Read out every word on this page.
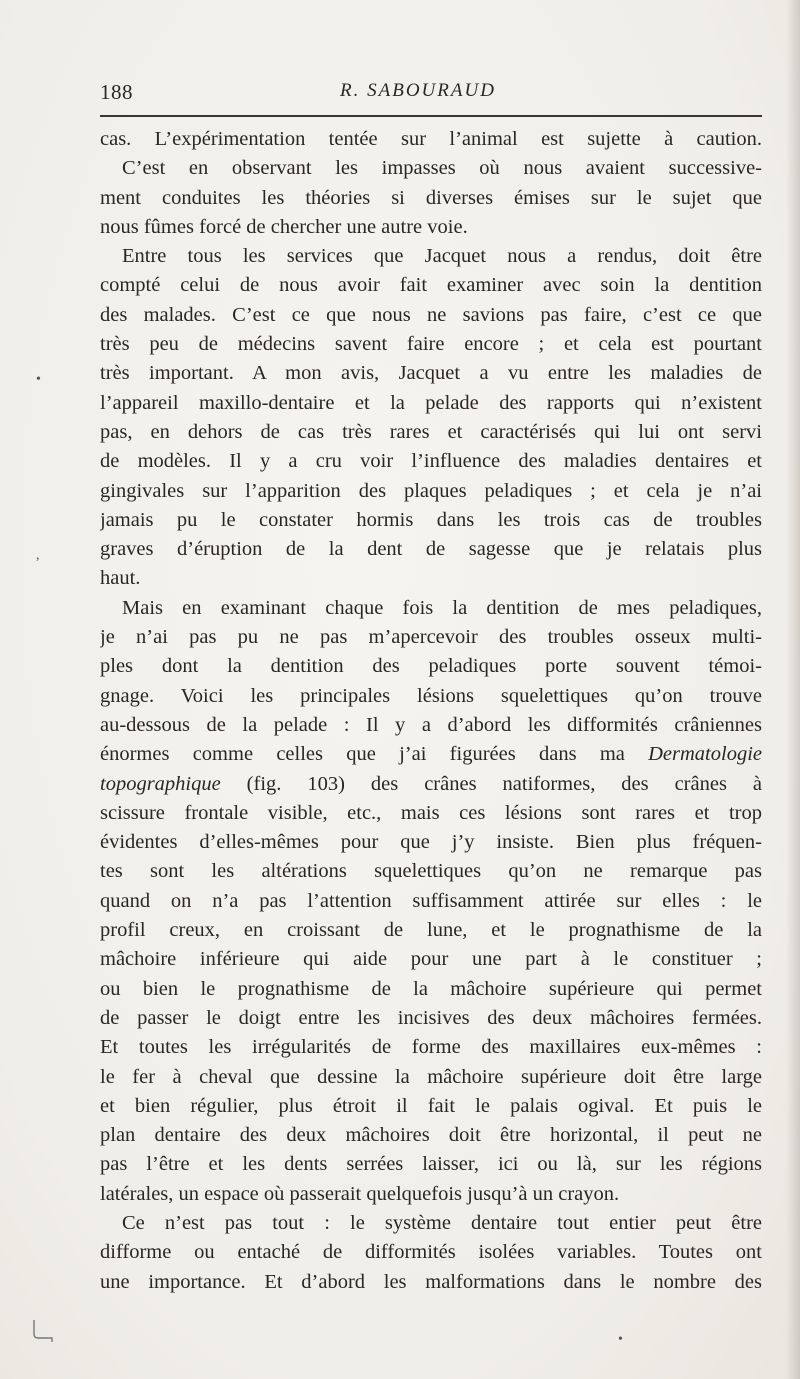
188	R. SABOURAUD
cas. L’expérimentation tentée sur l’animal est sujette à caution.
C’est en observant les impasses où nous avaient successive-
ment conduites les théories si diverses émises sur le sujet que
nous fûmes forcé de chercher une autre voie.
Entre tous les services que Jacquet nous a rendus, doit être
compté celui de nous avoir fait examiner avec soin la dentition
des malades. C’est ce que nous ne savions pas faire, c’est ce que
très peu de médecins savent faire encore ; et cela est pourtant
très important. A mon avis, Jacquet a vu entre les maladies de
l’appareil maxillo-dentaire et la pelade des rapports qui n’existent
pas, en dehors de cas très rares et caractérisés qui lui ont servi
de modèles. Il y a cru voir l’influence des maladies dentaires et
gingivales sur l’apparition des plaques peladiques ; et cela je n’ai
jamais pu le constater hormis dans les trois cas de troubles
graves d’éruption de la dent de sagesse que je relatais plus
haut.
Mais en examinant chaque fois la dentition de mes peladiques,
je n’ai pas pu ne pas m’apercevoir des troubles osseux multi-
ples dont la dentition des peladiques porte souvent témoi-
gnage. Voici les principales lésions squelettiques qu’on trouve
au-dessous de la pelade : Il y a d’abord les difformités crâniennes
énormes comme celles que j’ai figurées dans ma Dermatologie
topographique (fig. 103) des crânes natiformes, des crânes à
scissure frontale visible, etc., mais ces lésions sont rares et trop
évidentes d’elles-mêmes pour que j’y insiste. Bien plus fréquen-
tes sont les altérations squelettiques qu’on ne remarque pas
quand on n’a pas l’attention suffisamment attirée sur elles : le
profil creux, en croissant de lune, et le prognathisme de la
mâchoire inférieure qui aide pour une part à le constituer ;
ou bien le prognathisme de la mâchoire supérieure qui permet
de passer le doigt entre les incisives des deux mâchoires fermées.
Et toutes les irrégularités de forme des maxillaires eux-mêmes :
le fer à cheval que dessine la mâchoire supérieure doit être large
et bien régulier, plus étroit il fait le palais ogival. Et puis le
plan dentaire des deux mâchoires doit être horizontal, il peut ne
pas l’être et les dents serrées laisser, ici ou là, sur les régions
latérales, un espace où passerait quelquefois jusqu’à un crayon.
Ce n’est pas tout : le système dentaire tout entier peut être
difforme ou entaché de difformités isolées variables. Toutes ont
une importance. Et d’abord les malformations dans le nombre des
•
,
•
